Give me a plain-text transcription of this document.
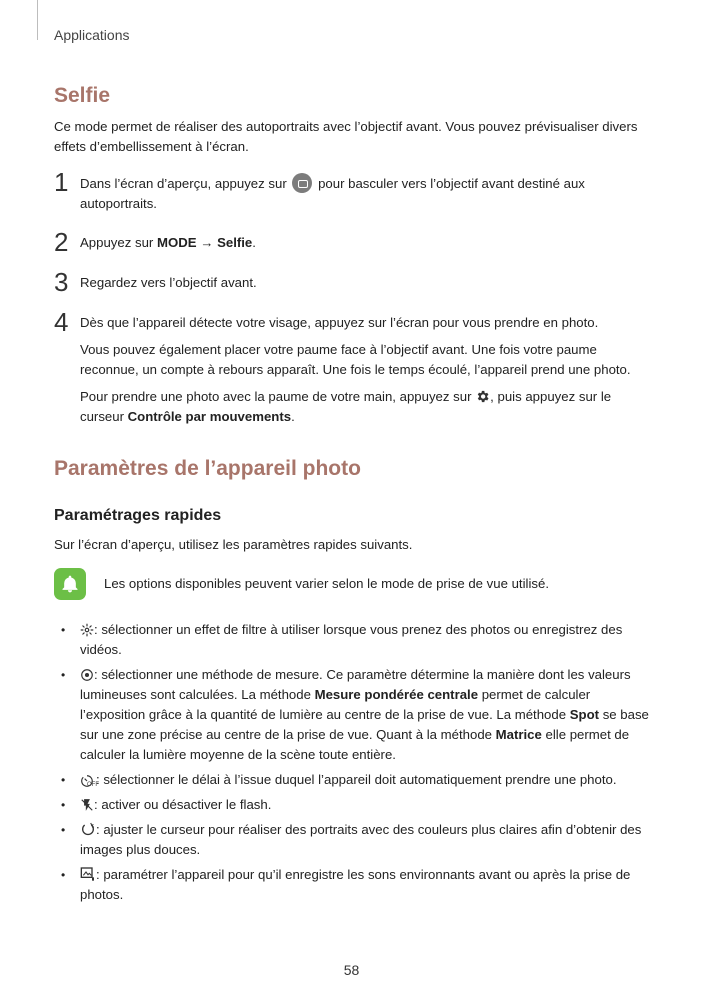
Applications
Selfie
Ce mode permet de réaliser des autoportraits avec l’objectif avant. Vous pouvez prévisualiser divers effets d’embellissement à l’écran.
1 Dans l’écran d’aperçu, appuyez sur pour basculer vers l’objectif avant destiné aux autoportraits.
2 Appuyez sur MODE → Selfie.
3 Regardez vers l’objectif avant.
4 Dès que l’appareil détecte votre visage, appuyez sur l’écran pour vous prendre en photo.
Vous pouvez également placer votre paume face à l’objectif avant. Une fois votre paume reconnue, un compte à rebours apparaît. Une fois le temps écoulé, l’appareil prend une photo.
Pour prendre une photo avec la paume de votre main, appuyez sur , puis appuyez sur le curseur Contrôle par mouvements.
Paramètres de l’appareil photo
Paramétrages rapides
Sur l’écran d’aperçu, utilisez les paramètres rapides suivants.
Les options disponibles peuvent varier selon le mode de prise de vue utilisé.
• : sélectionner un effet de filtre à utiliser lorsque vous prenez des photos ou enregistrez des vidéos.
• : sélectionner une méthode de mesure. Ce paramètre détermine la manière dont les valeurs lumineuses sont calculées. La méthode Mesure pondérée centrale permet de calculer l’exposition grâce à la quantité de lumière au centre de la prise de vue. La méthode Spot se base sur une zone précise au centre de la prise de vue. Quant à la méthode Matrice elle permet de calculer la lumière moyenne de la scène toute entière.
•	OFF
: sélectionner le délai à l’issue duquel l’appareil doit automatiquement prendre une photo.
• : activer ou désactiver le flash.
• : ajuster le curseur pour réaliser des portraits avec des couleurs plus claires afin d’obtenir des images plus douces.
• : paramétrer l’appareil pour qu’il enregistre les sons environnants avant ou après la prise de photos.
58
